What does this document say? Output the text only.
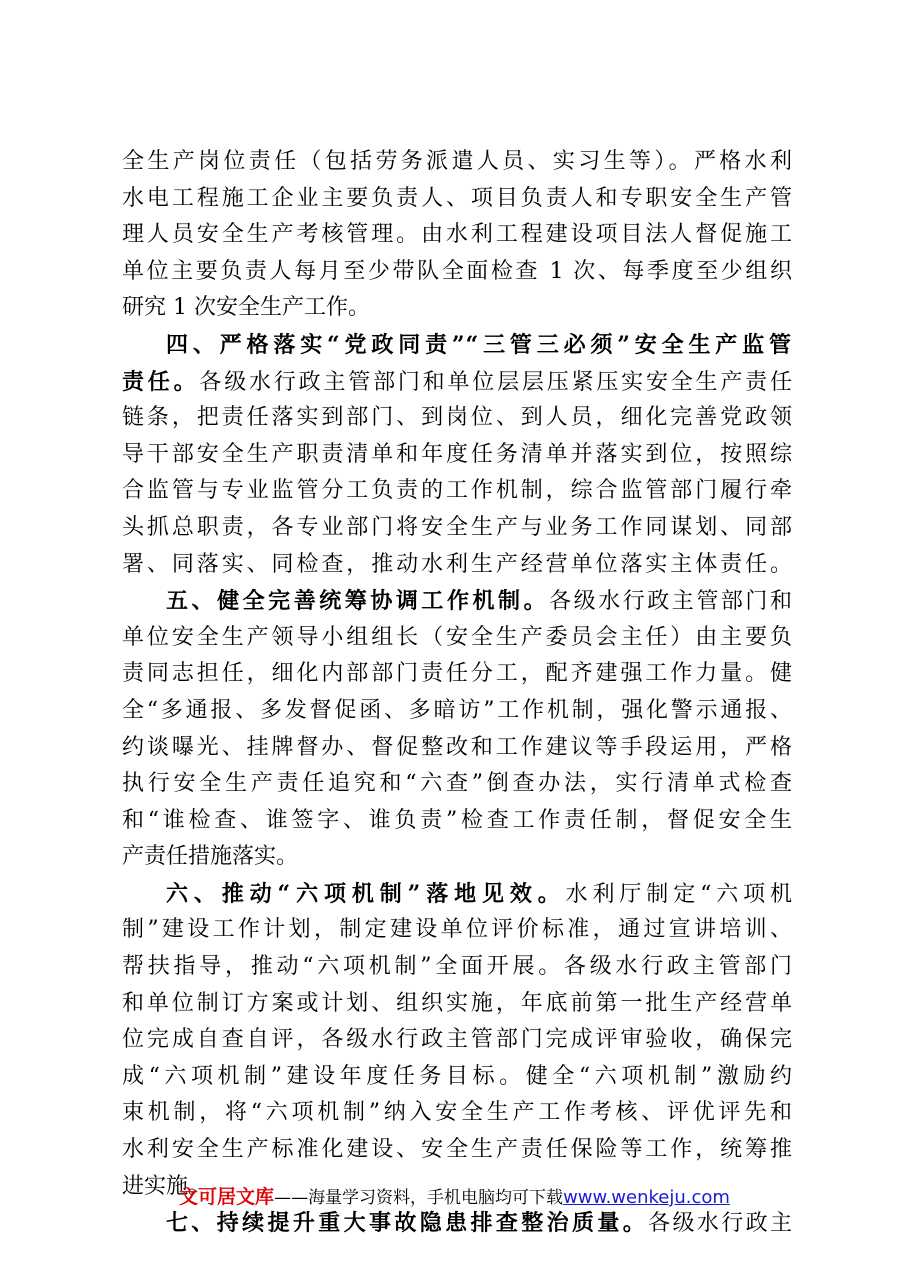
全生产岗位责任（包括劳务派遣人员、实习生等）。严格水利
水电工程施工企业主要负责人、项目负责人和专职安全生产管
理人员安全生产考核管理。由水利工程建设项目法人督促施工
单位主要负责人每月至少带队全面检查 1 次、每季度至少组织
研究 1 次安全生产工作。
四、严格落实“党政同责”“三管三必须”安全生产监管
责任。各级水行政主管部门和单位层层压紧压实安全生产责任
链条，把责任落实到部门、到岗位、到人员，细化完善党政领
导干部安全生产职责清单和年度任务清单并落实到位，按照综
合监管与专业监管分工负责的工作机制，综合监管部门履行牵
头抓总职责，各专业部门将安全生产与业务工作同谋划、同部
署、同落实、同检查，推动水利生产经营单位落实主体责任。
五、健全完善统筹协调工作机制。各级水行政主管部门和
单位安全生产领导小组组长（安全生产委员会主任）由主要负
责同志担任，细化内部部门责任分工，配齐建强工作力量。健
全“多通报、多发督促函、多暗访”工作机制，强化警示通报、
约谈曝光、挂牌督办、督促整改和工作建议等手段运用，严格
执行安全生产责任追究和“六查”倒查办法，实行清单式检查
和“谁检查、谁签字、谁负责”检查工作责任制，督促安全生
产责任措施落实。
六、推动“六项机制”落地见效。水利厅制定“六项机
制”建设工作计划，制定建设单位评价标准，通过宣讲培训、
帮扶指导，推动“六项机制”全面开展。各级水行政主管部门
和单位制订方案或计划、组织实施，年底前第一批生产经营单
位完成自查自评，各级水行政主管部门完成评审验收，确保完
成“六项机制”建设年度任务目标。健全“六项机制”激励约
束机制，将“六项机制”纳入安全生产工作考核、评优评先和
水利安全生产标准化建设、安全生产责任保险等工作，统筹推
进实施。
七、持续提升重大事故隐患排查整治质量。各级水行政主
文可居文库——海量学习资料，手机电脑均可下载www.wenkeju.com
